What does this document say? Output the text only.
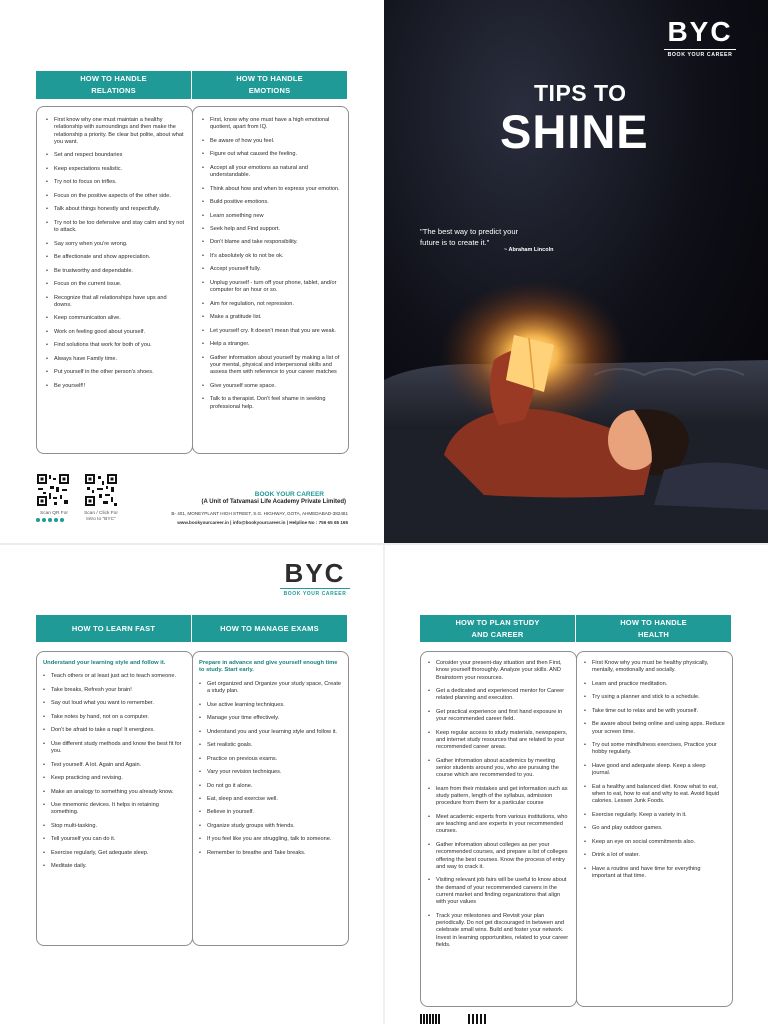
HOW TO HANDLE
RELATIONS
HOW TO HANDLE
EMOTIONS
• First know why one must maintain a healthy relationship with surroundings and then make the relationship a priority. Be clear but polite, about what you want.
• Set and respect boundaries
• Keep expectations realistic.
• Try not to focus on trifles.
• Focus on the positive aspects of the other side.
• Talk about things honestly and respectfully.
• Try not to be too defensive and stay calm and try not to attack.
• Say sorry when you're wrong.
• Be affectionate and show appreciation.
• Be trustworthy and dependable.
• Focus on the current issue.
• Recognize that all relationships have ups and downs.
• Keep communication alive.
• Work on feeling good about yourself.
• Find solutions that work for both of you.
• Always have Family time.
• Put yourself in the other person's shoes.
• Be yourself!!
• First, know why one must have a high emotional quotient, apart from IQ.
• Be aware of how you feel.
• Figure out what caused the feeling.
• Accept all your emotions as natural and understandable.
• Think about how and when to express your emotion.
• Build positive emotions.
• Learn something new
• Seek help and Find support.
• Don't blame and take responsibility.
• It's absolutely ok to not be ok.
• Accept yourself fully.
• Unplug yourself - turn off your phone, tablet, and/or computer for an hour or so.
• Aim for regulation, not repression.
• Make a gratitude list.
• Let yourself cry. It doesn't mean that you are weak.
• Help a stranger.
• Gather information about yourself by making a list of your mental, physical and interpersonal skills and assess them with reference to your career matches
• Give yourself some space.
• Talk to a therapist. Don't feel shame in seeking professional help.
Scan QR For	Scan / Click For
Intro to "BYC"
BOOK YOUR CAREER
(A Unit of Tatvamasi Life Academy Private Limited)
B- 401, MONEYPLANT HIGH STREET, S.G. HIGHWAY, GOTA, AHMEDABAD-382481
www.bookyourcareer.in | info@bookyourcareer.in | Helpline No : 756 65 65 165
BYC
BOOK YOUR CAREER
TIPS TO
SHINE
"The best way to predict your
future is to create it."
~ Abraham Lincoln
BYC
BOOK YOUR CAREER
HOW TO LEARN FAST	HOW TO MANAGE EXAMS
Understand your learning style and follow it.
• Teach others or at least just act to teach someone.
• Take breaks, Refresh your brain!
• Say out loud what you want to remember.
• Take notes by hand, not on a computer.
• Don't be afraid to take a nap! It energizes.
• Use different study methods and know the best fit for you.
• Test yourself. A lot. Again and Again.
• Keep practicing and revising.
• Make an analogy to something you already know.
• Use mnemonic devices. It helps in retaining something.
• Stop multi-tasking.
• Tell yourself you can do it.
• Exercise regularly, Get adequate sleep.
• Meditate daily.
Prepare in advance and give yourself enough time to study. Start early.
• Get organized and Organize your study space, Create a study plan.
• Use active learning techniques.
• Manage your time effectively.
• Understand you and your learning style and follow it.
• Set realistic goals.
• Practice on previous exams.
• Vary your revision techniques.
• Do not go it alone.
• Eat, sleep and exercise well.
• Believe in yourself.
• Organize study groups with friends.
• If you feel like you are struggling, talk to someone.
• Remember to breathe and Take breaks.
HOW TO PLAN STUDY
AND CAREER
HOW TO HANDLE
HEALTH
• Consider your present-day situation and then First, know yourself thoroughly. Analyze your skills. AND Brainstorm your resources.
• Get a dedicated and experienced mentor for Career related planning and execution.
• Get practical experience and first hand exposure in your recommended career field.
• Keep regular access to study materials, newspapers, and internet study resources that are related to your recommended career areas.
• Gather information about academics by meeting senior students around you, who are pursuing the course which are recommended to you.
• learn from their mistakes and get information such as study pattern, length of the syllabus, admission procedure from them for a particular course
• Meet academic experts from various institutions, who are teaching and are experts in your recommended courses.
• Gather information about colleges as per your recommended courses, and prepare a list of colleges offering the best courses. Know the process of entry and way to crack it.
• Visiting relevant job fairs will be useful to know about the demand of your recommended careers in the current market and finding organizations that align with your values
• Track your milestones and Revisit your plan periodically. Do not get discouraged in between and celebrate small wins. Build and foster your network. Invest in learning opportunities, related to your career fields.
• First Know why you must be healthy physically, mentally, emotionally and socially.
• Learn and practice meditation.
• Try using a planner and stick to a schedule.
• Take time out to relax and be with yourself.
• Be aware about being online and using apps. Reduce your screen time.
• Try out some mindfulness exercises, Practice your hobby regularly.
• Have good and adequate sleep. Keep a sleep journal.
• Eat a healthy and balanced diet. Know what to eat, when to eat, how to eat and why to eat. Avoid liquid calories. Lessen Junk Foods.
• Exercise regularly. Keep a variety in it.
• Go and play outdoor games.
• Keep an eye on social commitments also.
• Drink a lot of water.
• Have a routine and have time for everything important at that time.
